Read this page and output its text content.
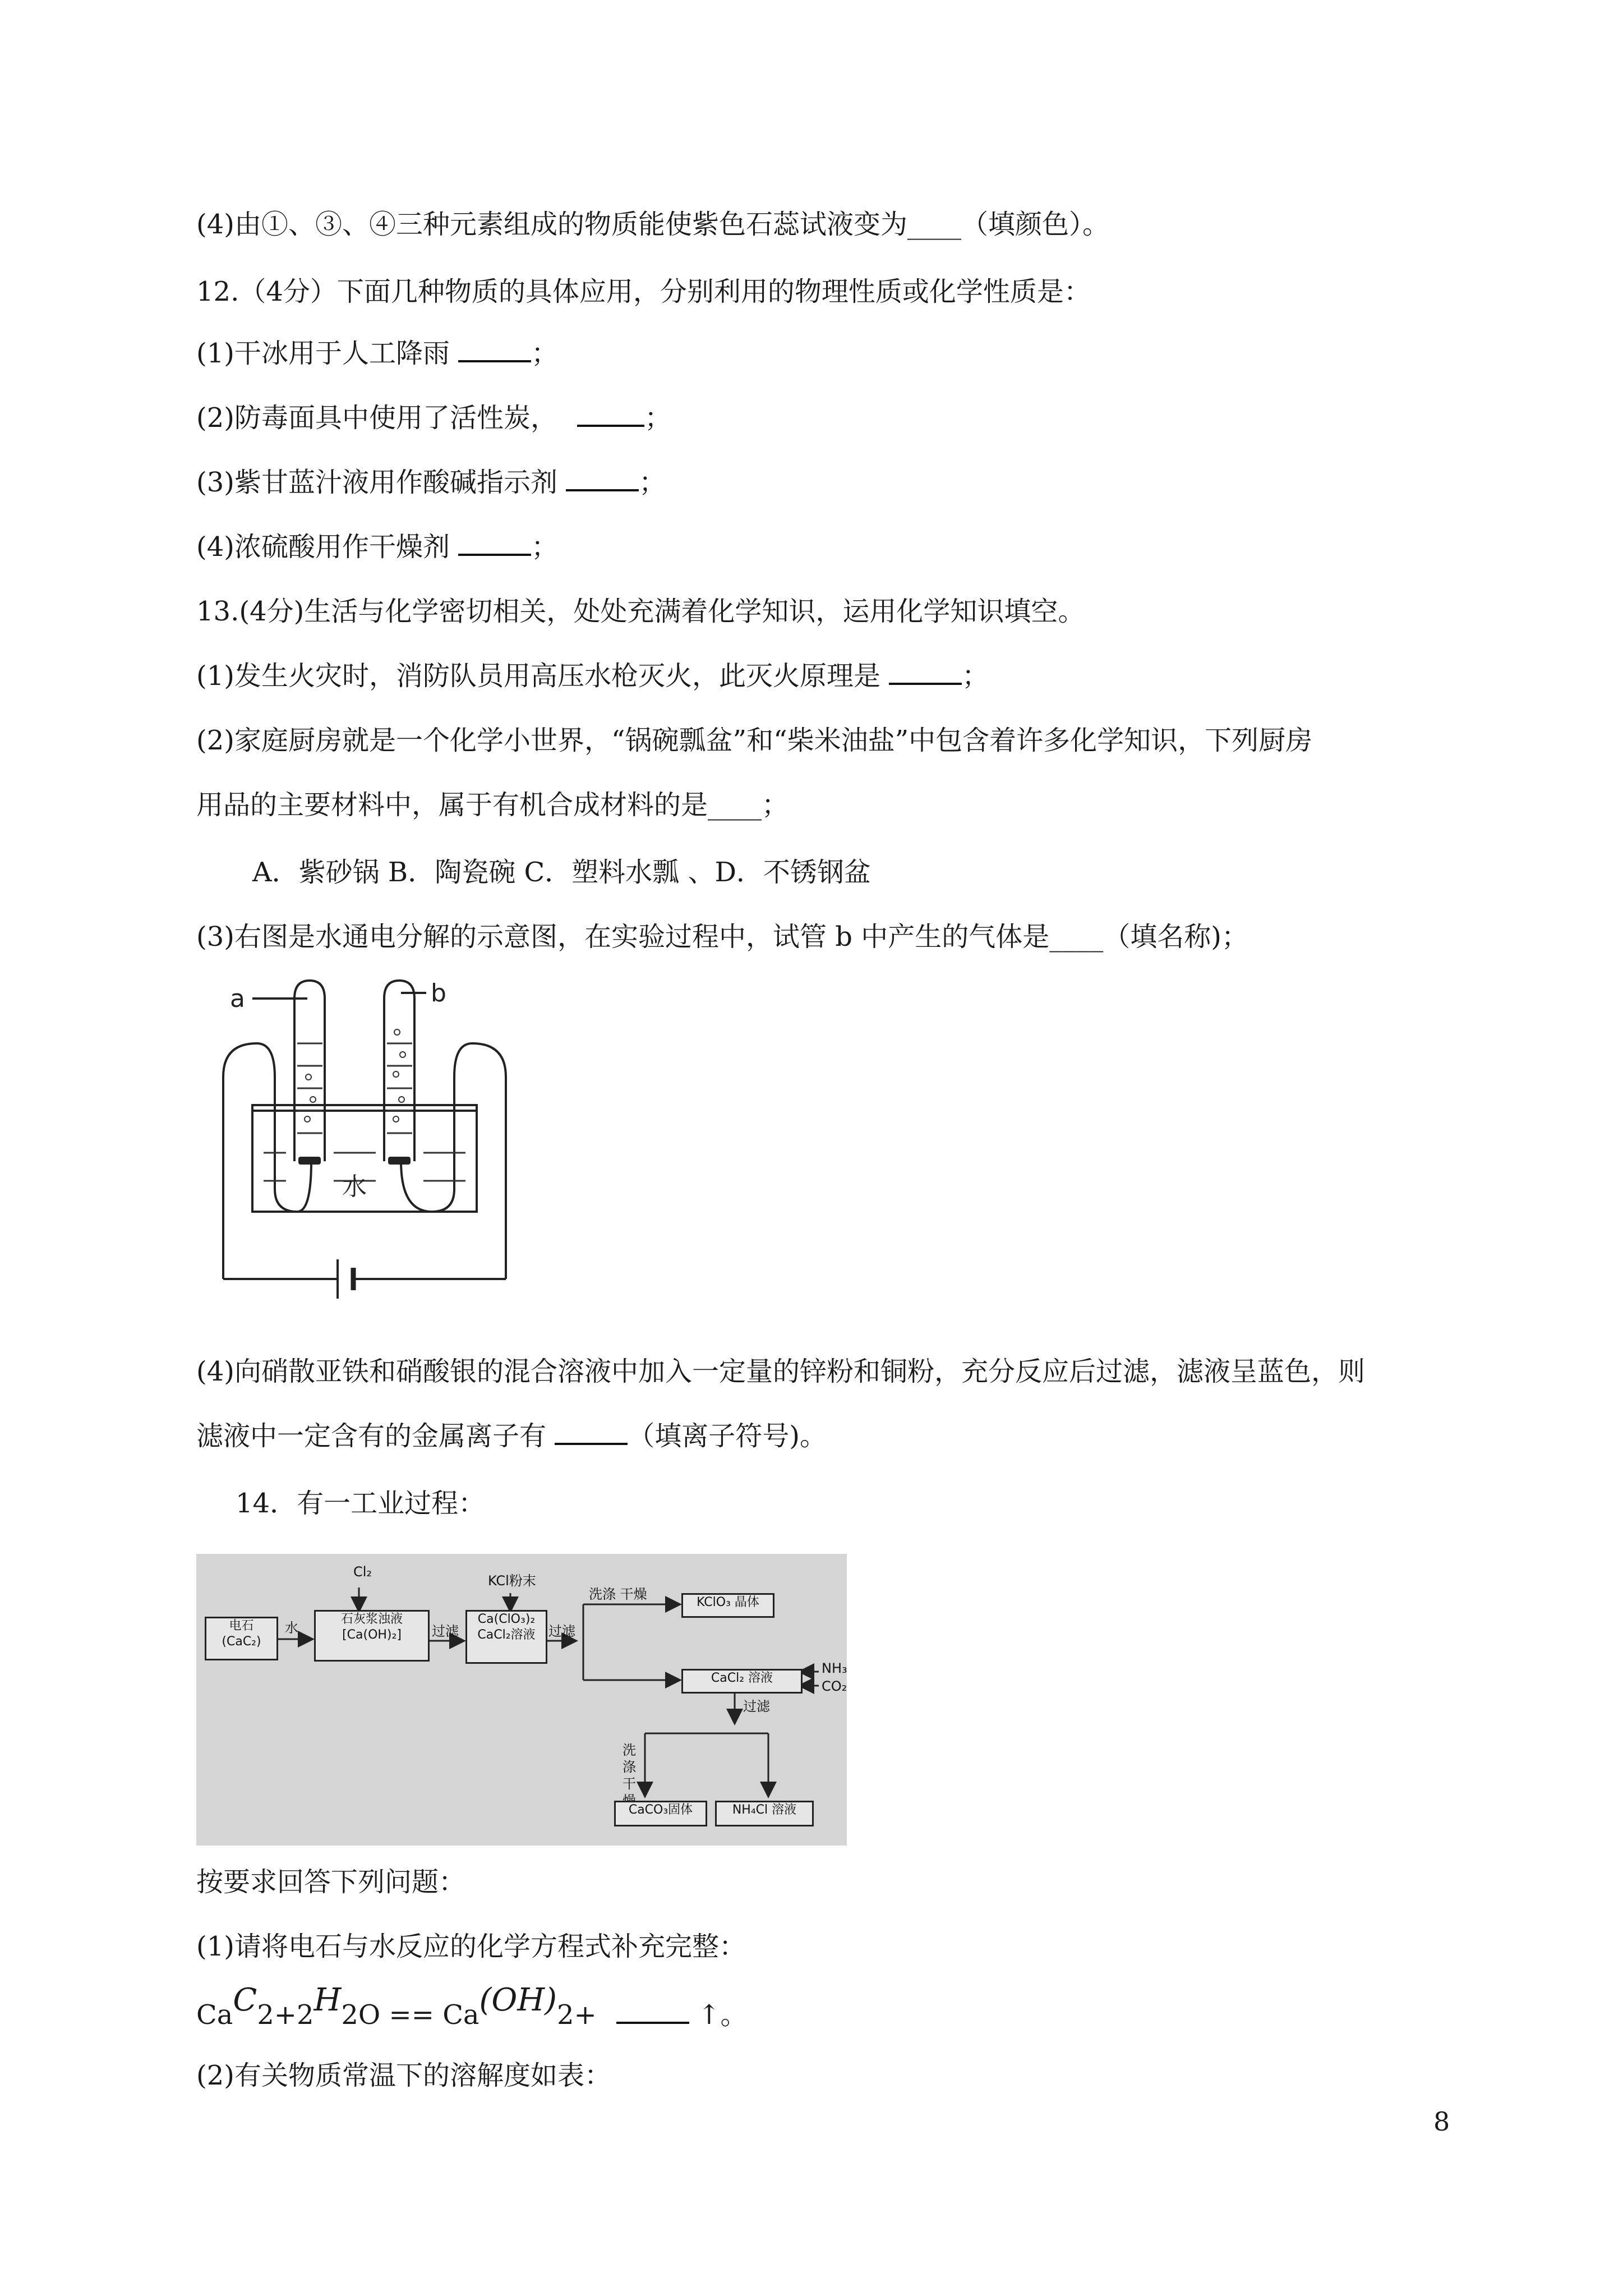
(4)由①、③、④三种元素组成的物质能使紫色石蕊试液变为____（填颜色）。
12.（4分）下面几种物质的具体应用，分别利用的物理性质或化学性质是：
(1)干冰用于人工降雨	；
(2)防毒面具中使用了活性炭，	；
(3)紫甘蓝汁液用作酸碱指示剂	；
(4)浓硫酸用作干燥剂	；
13.(4分)生活与化学密切相关，处处充满着化学知识，运用化学知识填空。
(1)发生火灾时，消防队员用高压水枪灭火，此灭火原理是	；
(2)家庭厨房就是一个化学小世界，“锅碗瓢盆”和“柴米油盐”中包含着许多化学知识，下列厨房
用品的主要材料中，属于有机合成材料的是____；
A．紫砂锅 B．陶瓷碗 C．塑料水瓢 、D．不锈钢盆
(3)右图是水通电分解的示意图，在实验过程中，试管 b 中产生的气体是____（填名称)；
a	b
水
(4)向硝散亚铁和硝酸银的混合溶液中加入一定量的锌粉和铜粉，充分反应后过滤，滤液呈蓝色，则
滤液中一定含有的金属离子有	（填离子符号)。
14．有一工业过程：
Cl₂
KCl粉末
电石
(CaC₂)
水
石灰浆浊液
[Ca(OH)₂]	过滤
Ca(ClO₃)₂
CaCl₂溶液 过滤
洗涤 干燥
KClO₃ 晶体
CaCl₂ 溶液
NH₃
CO₂
过滤
洗涤干
CaCO₃固体	NH₄Cl 溶液
按要求回答下列问题：
(1)请将电石与水反应的化学方程式补充完整：
CaC2+2H2O == Ca(OH)2+	↑。
(2)有关物质常温下的溶解度如表：
8
